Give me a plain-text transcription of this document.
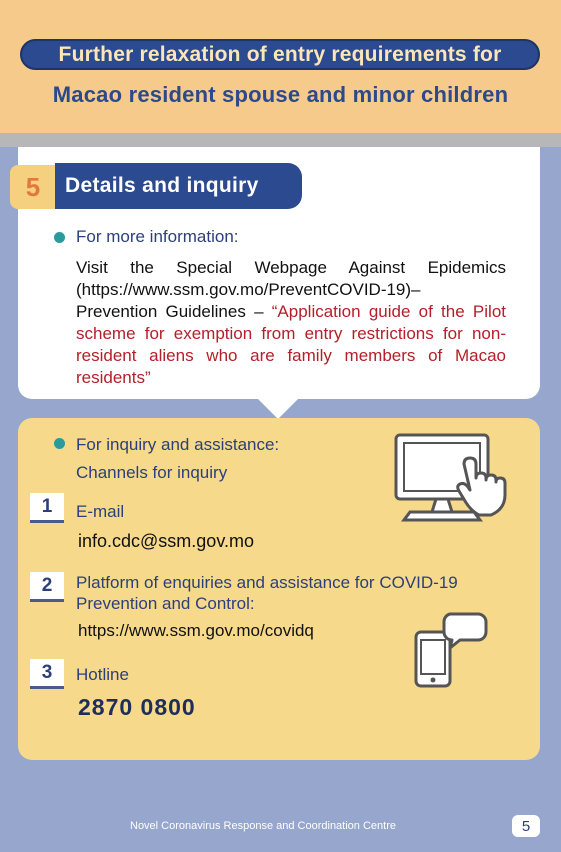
Further relaxation of entry requirements for
Macao resident spouse and minor children
5	Details and inquiry
For more information:
Visit the Special Webpage Against Epidemics (https://www.ssm.gov.mo/PreventCOVID-19)– Prevention Guidelines – “Application guide of the Pilot scheme for exemption from entry restrictions for non-resident aliens who are family members of Macao residents”
For inquiry and assistance:
Channels for inquiry
1	E-mail
info.cdc@ssm.gov.mo
2	Platform of enquiries and assistance for COVID-19 Prevention and Control:
https://www.ssm.gov.mo/covidq
3	Hotline
2870 0800
Novel Coronavirus Response and Coordination Centre	5
